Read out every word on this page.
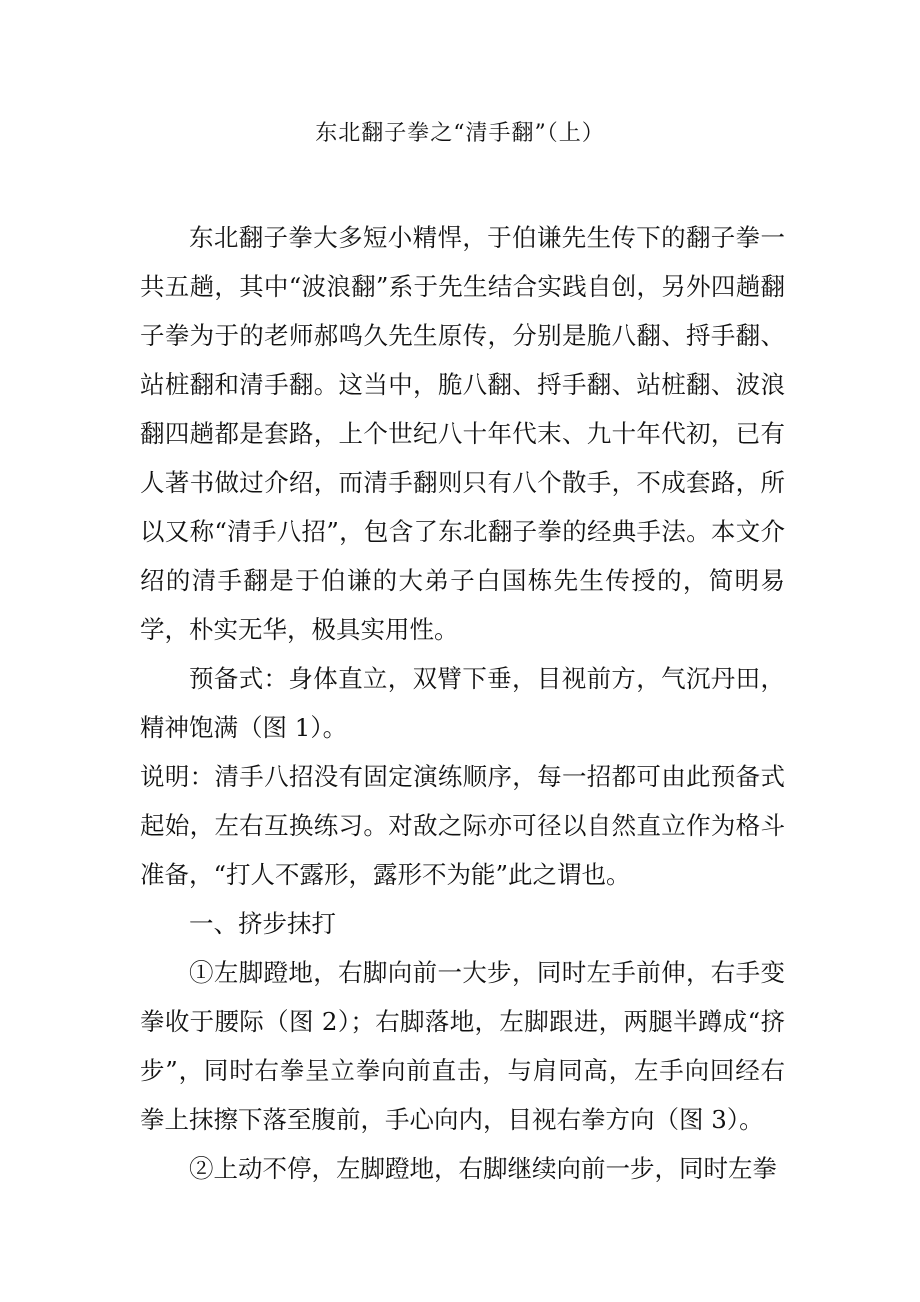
东北翻子拳之“清手翻”（上）

东北翻子拳大多短小精悍，于伯谦先生传下的翻子拳一共五趟，其中“波浪翻”系于先生结合实践自创，另外四趟翻子拳为于的老师郝鸣久先生原传，分别是脆八翻、捋手翻、站桩翻和清手翻。这当中，脆八翻、捋手翻、站桩翻、波浪翻四趟都是套路，上个世纪八十年代末、九十年代初，已有人著书做过介绍，而清手翻则只有八个散手，不成套路，所以又称“清手八招”，包含了东北翻子拳的经典手法。本文介绍的清手翻是于伯谦的大弟子白国栋先生传授的，简明易学，朴实无华，极具实用性。

预备式：身体直立，双臂下垂，目视前方，气沉丹田，精神饱满（图 1）。

说明：清手八招没有固定演练顺序，每一招都可由此预备式起始，左右互换练习。对敌之际亦可径以自然直立作为格斗准备，“打人不露形，露形不为能”此之谓也。

一、挤步抹打

①左脚蹬地，右脚向前一大步，同时左手前伸，右手变拳收于腰际（图 2）；右脚落地，左脚跟进，两腿半蹲成“挤步”，同时右拳呈立拳向前直击，与肩同高，左手向回经右拳上抹擦下落至腹前，手心向内，目视右拳方向（图 3）。

②上动不停，左脚蹬地，右脚继续向前一步，同时左拳
